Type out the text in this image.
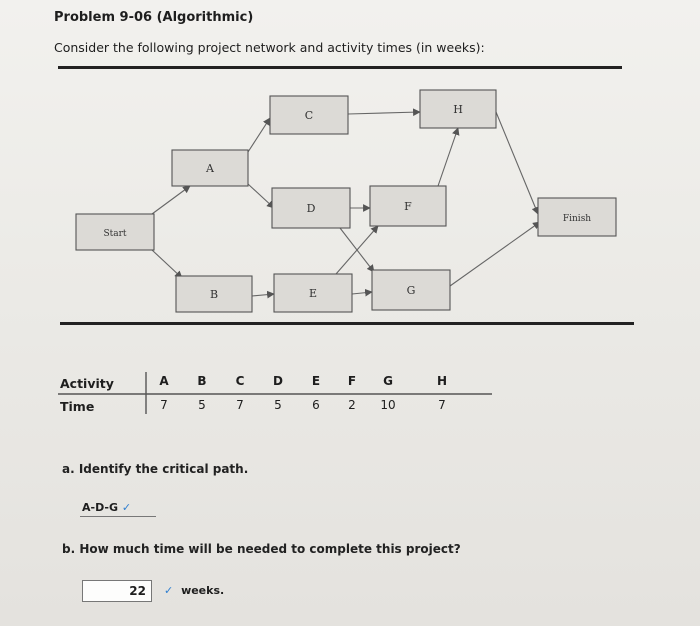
Problem 9-06 (Algorithmic)
Consider the following project network and activity times (in weeks):
Start
A
B
C
D
E
F
G
H
Finish
Activity
Time
A
7
B
5
C
7
D
5
E
6
F
2
G
10
H
7
a. Identify the critical path.
A-D-G ✓
b. How much time will be needed to complete this project?
22	✓ weeks.
